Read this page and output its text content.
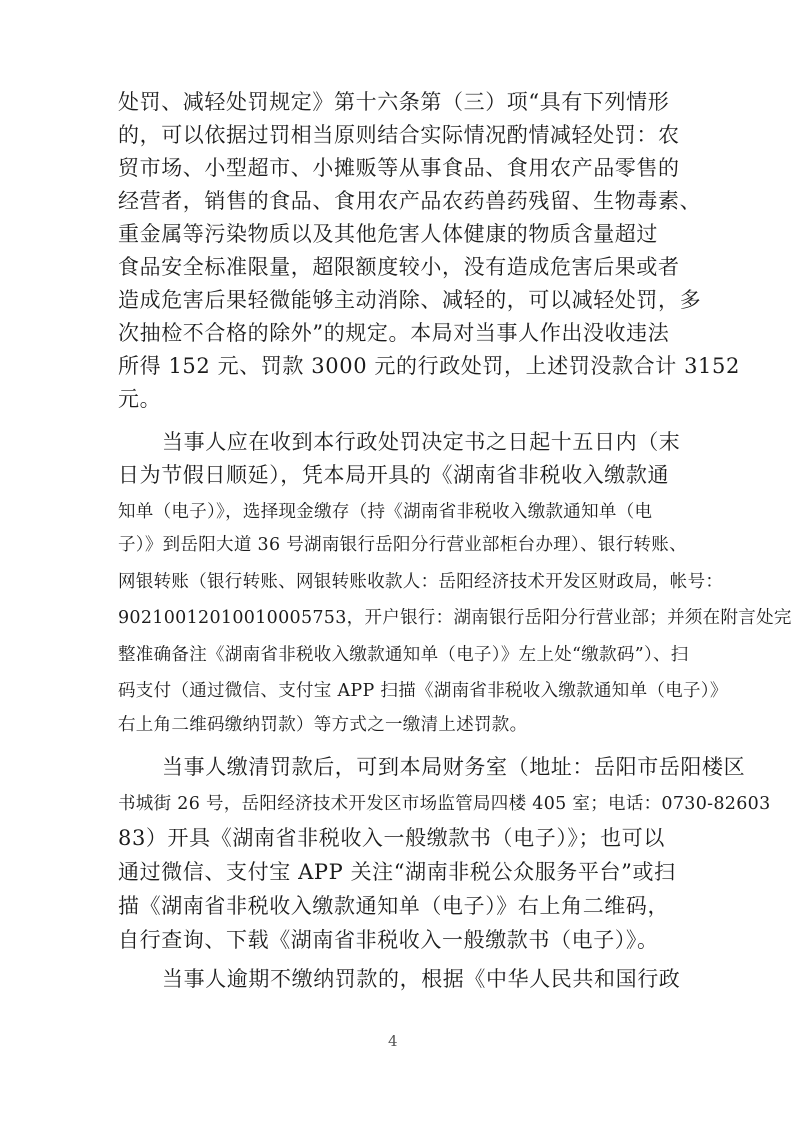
处罚、减轻处罚规定》第十六条第（三）项“具有下列情形
的，可以依据过罚相当原则结合实际情况酌情减轻处罚：农
贸市场、小型超市、小摊贩等从事食品、食用农产品零售的
经营者，销售的食品、食用农产品农药兽药残留、生物毒素、
重金属等污染物质以及其他危害人体健康的物质含量超过
食品安全标准限量，超限额度较小，没有造成危害后果或者
造成危害后果轻微能够主动消除、减轻的，可以减轻处罚，多
次抽检不合格的除外”的规定。本局对当事人作出没收违法
所得 152 元、罚款 3000 元的行政处罚，上述罚没款合计 3152
元。
当事人应在收到本行政处罚决定书之日起十五日内（末
日为节假日顺延），凭本局开具的《湖南省非税收入缴款通
知单（电子）》，选择现金缴存（持《湖南省非税收入缴款通知单（电
子）》到岳阳大道 36 号湖南银行岳阳分行营业部柜台办理）、银行转账、
网银转账（银行转账、网银转账收款人：岳阳经济技术开发区财政局，帐号：
90210012010010005753，开户银行：湖南银行岳阳分行营业部；并须在附言处完
整准确备注《湖南省非税收入缴款通知单（电子）》左上处“缴款码”）、扫
码支付（通过微信、支付宝 APP 扫描《湖南省非税收入缴款通知单（电子）》
右上角二维码缴纳罚款）等方式之一缴清上述罚款。
当事人缴清罚款后，可到本局财务室（地址：岳阳市岳阳楼区
书城街 26 号，岳阳经济技术开发区市场监管局四楼 405 室；电话：0730-82603
83）开具《湖南省非税收入一般缴款书（电子）》；也可以
通过微信、支付宝 APP 关注“湖南非税公众服务平台”或扫
描《湖南省非税收入缴款通知单（电子）》右上角二维码，
自行查询、下载《湖南省非税收入一般缴款书（电子）》。
当事人逾期不缴纳罚款的，根据《中华人民共和国行政
4
